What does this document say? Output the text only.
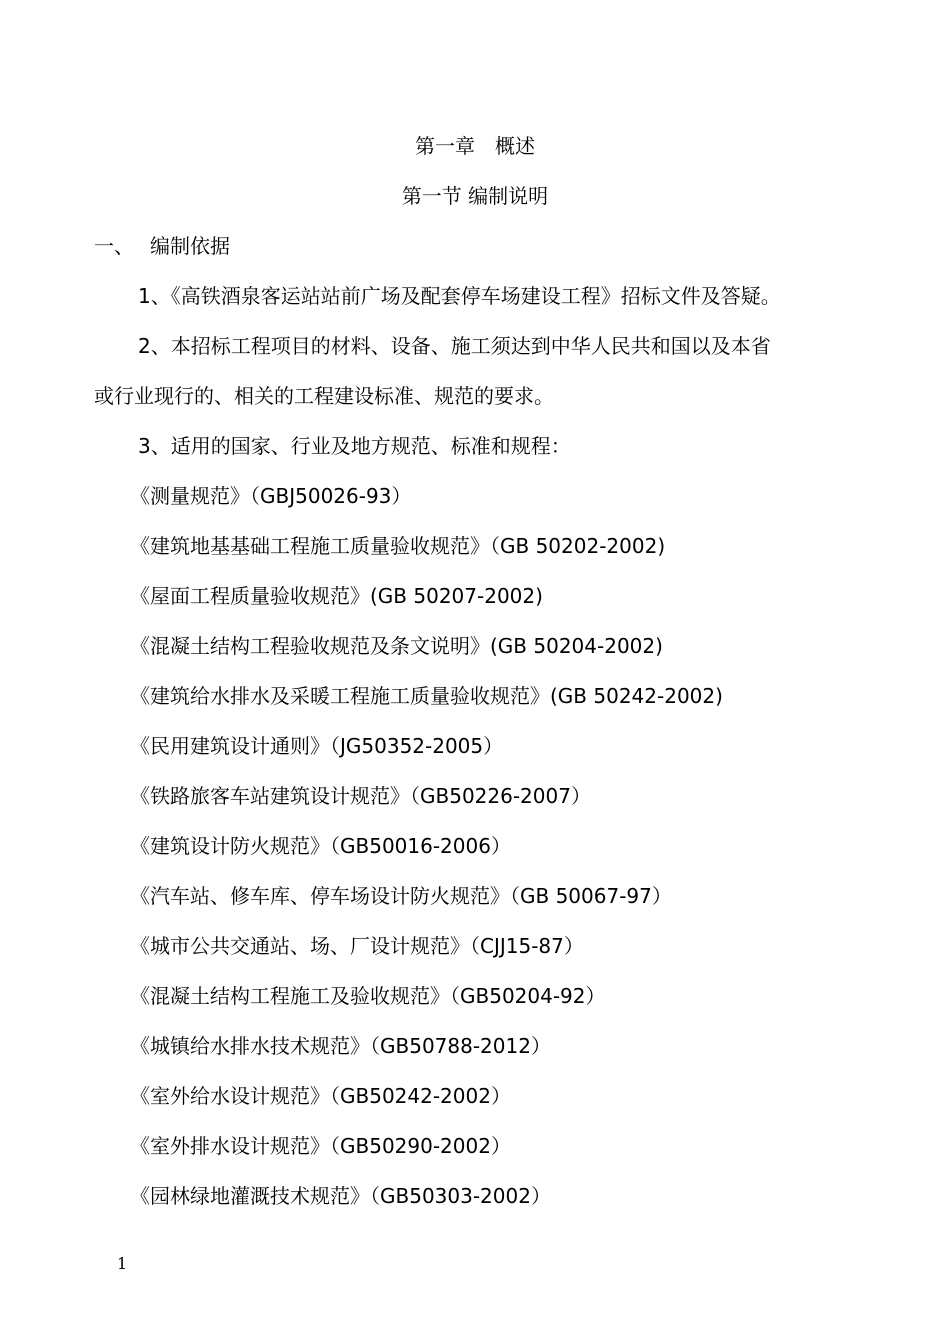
第一章　概述
第一节 编制说明
一、 编制依据
1、《高铁酒泉客运站站前广场及配套停车场建设工程》招标文件及答疑。
2、本招标工程项目的材料、设备、施工须达到中华人民共和国以及本省
或行业现行的、相关的工程建设标准、规范的要求。
3、适用的国家、行业及地方规范、标准和规程：
《测量规范》（GBJ50026-93）
《建筑地基基础工程施工质量验收规范》（GB 50202-2002)
《屋面工程质量验收规范》(GB 50207-2002)
《混凝土结构工程验收规范及条文说明》(GB 50204-2002)
《建筑给水排水及采暖工程施工质量验收规范》(GB 50242-2002)
《民用建筑设计通则》（JG50352-2005）
《铁路旅客车站建筑设计规范》（GB50226-2007）
《建筑设计防火规范》（GB50016-2006）
《汽车站、修车库、停车场设计防火规范》（GB 50067-97）
《城市公共交通站、场、厂设计规范》（CJJ15-87）
《混凝土结构工程施工及验收规范》（GB50204-92）
《城镇给水排水技术规范》（GB50788-2012）
《室外给水设计规范》（GB50242-2002）
《室外排水设计规范》（GB50290-2002）
《园林绿地灌溉技术规范》（GB50303-2002）
1
